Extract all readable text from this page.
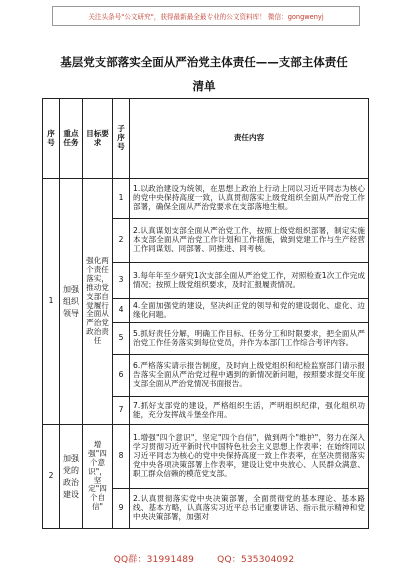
关注头条号"公文研究"，获得最新最全最专业的公文资料库！ 微信：gongwenyj
基层党支部落实全面从严治党主体责任——支部主体责任
清单
序号	重点任务	目标要求	子序号	责任内容
1	加强组织领导	强化两个责任落实，推动党支部自觉履行全面从严治党政治责任	1	1.以政治建设为统领，在思想上政治上行动上同以习近平同志为核心的党中央保持高度一致，认真贯彻落实上级党组织全面从严治党工作部署，确保全面从严治党要求在支部落地生根。
			2	2.认真谋划支部全面从严治党工作，按照上级党组织部署，制定实施本支部全面从严治党工作计划和工作措施，做到党建工作与生产经营工作同谋划、同部署、同推进、同考核。
			3	3.每年年至少研究1次支部全面从严治党工作，对照检查1次工作完成情况；按照上级党组织要求，及时汇报履责情况。
			4	4.全面加强党的建设，坚决纠正党的领导和党的建设弱化、虚化、边缘化问题。
			5	5.抓好责任分解，明确工作目标、任务分工和时限要求，把全面从严治党工作任务落实到每位党员，并作为本部门工作综合考评内容。
			6	6.严格落实请示报告制度，及时向上级党组织和纪检监察部门请示报告落实全面从严治党过程中遇到的新情况新问题，按照要求提交年度支部全面从严治党情况书面报告。
			7	7.抓好支部党的建设，严格组织生活，严明组织纪律，强化组织功能，充分发挥战斗堡垒作用。
2	加强党的政治建设	增强"四个意识"，坚定"四个自信"	8	1.增强"四个意识"，坚定"四个自信"，做到两个"维护"，努力在深入学习贯彻习近平新时代中国特色社会主义思想上作表率；在始终同以习近平同志为核心的党中央保持高度一致上作表率，在坚决贯彻落实党中央各项决策部署上作表率，建设让党中央放心、人民群众满意、职工群众信赖的模范党支部。
			9	2.认真贯彻落实党中央决策部署，全面贯彻党的基本理论、基本路线、基本方略，认真落实习近平总书记重要讲话、指示批示精神和党中央决策部署，加强对
QQ群：31991489	QQ：535304092
